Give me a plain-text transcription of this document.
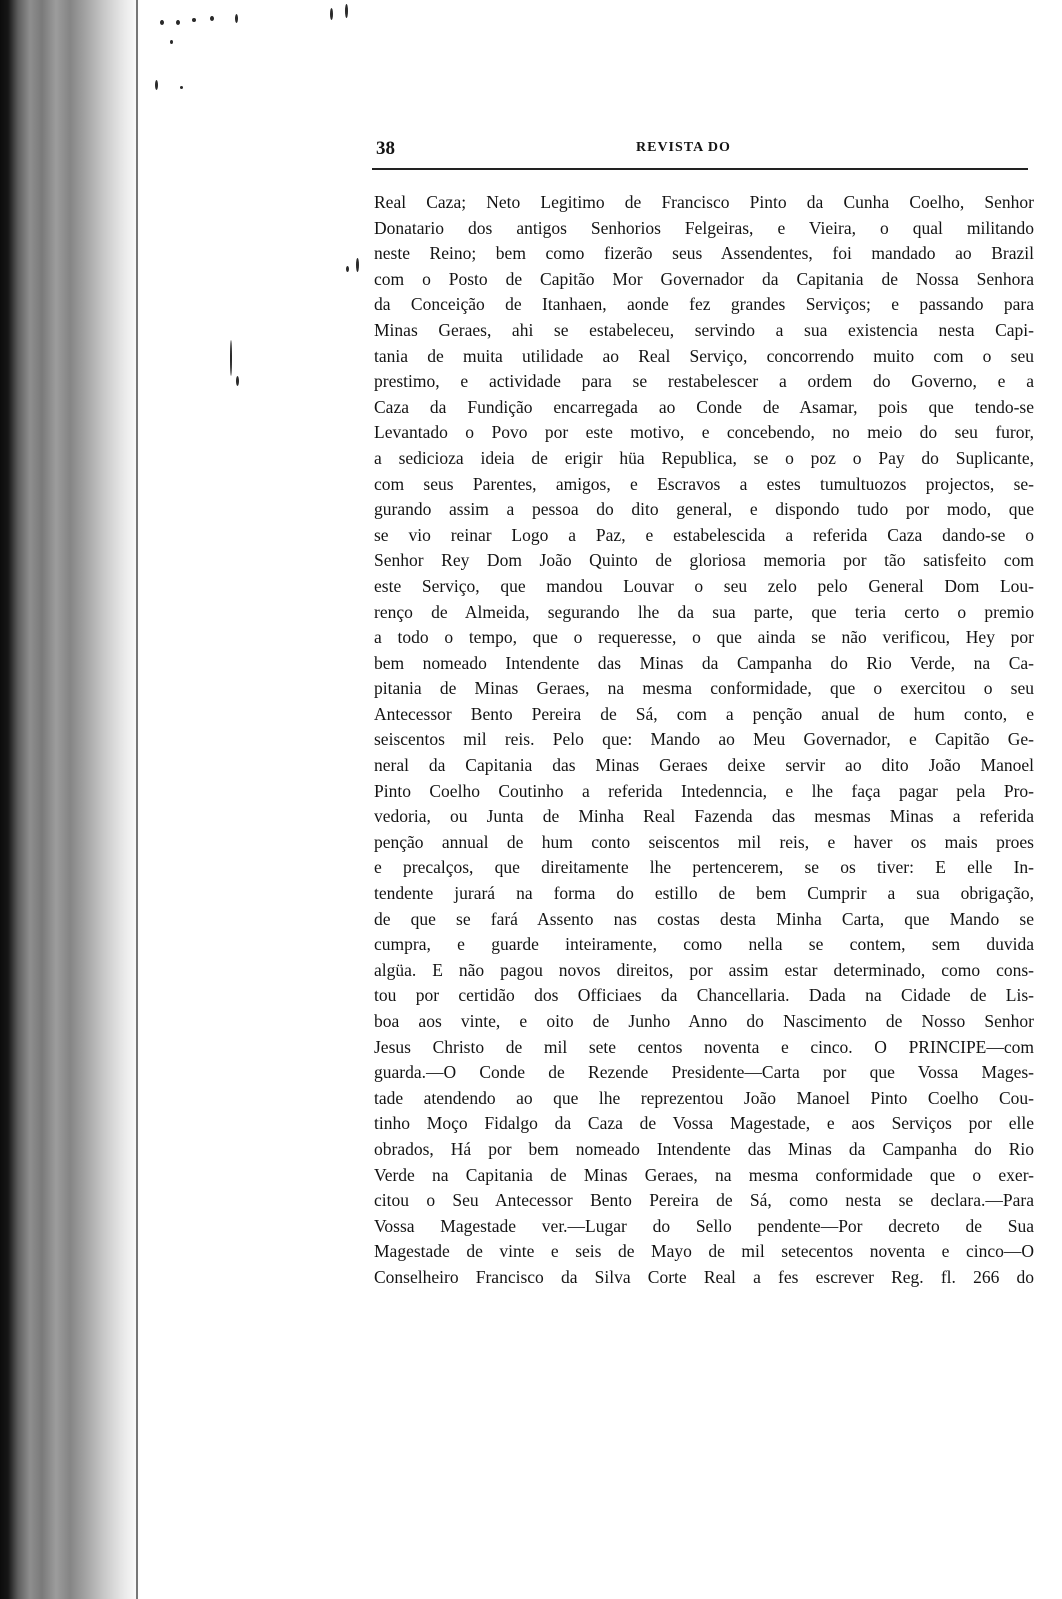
38	REVISTA DO
Real Caza; Neto Legitimo de Francisco Pinto da Cunha Coelho, Senhor
Donatario dos antigos Senhorios Felgeiras, e Vieira, o qual militando
neste Reino; bem como fizerão seus Assendentes, foi mandado ao Brazil
com o Posto de Capitão Mor Governador da Capitania de Nossa Senhora
da Conceição de Itanhaen, aonde fez grandes Serviços; e passando para
Minas Geraes, ahi se estabeleceu, servindo a sua existencia nesta Capi-
tania de muita utilidade ao Real Serviço, concorrendo muito com o seu
prestimo, e actividade para se restabelescer a ordem do Governo, e a
Caza da Fundição encarregada ao Conde de Asamar, pois que tendo-se
Levantado o Povo por este motivo, e concebendo, no meio do seu furor,
a sedicioza ideia de erigir hüa Republica, se o poz o Pay do Suplicante,
com seus Parentes, amigos, e Escravos a estes tumultuozos projectos, se-
gurando assim a pessoa do dito general, e dispondo tudo por modo, que
se vio reinar Logo a Paz, e estabelescida a referida Caza dando-se o
Senhor Rey Dom João Quinto de gloriosa memoria por tão satisfeito com
este Serviço, que mandou Louvar o seu zelo pelo General Dom Lou-
renço de Almeida, segurando lhe da sua parte, que teria certo o premio
a todo o tempo, que o requeresse, o que ainda se não verificou, Hey por
bem nomeado Intendente das Minas da Campanha do Rio Verde, na Ca-
pitania de Minas Geraes, na mesma conformidade, que o exercitou o seu
Antecessor Bento Pereira de Sá, com a penção anual de hum conto, e
seiscentos mil reis. Pelo que: Mando ao Meu Governador, e Capitão Ge-
neral da Capitania das Minas Geraes deixe servir ao dito João Manoel
Pinto Coelho Coutinho a referida Intedenncia, e lhe faça pagar pela Pro-
vedoria, ou Junta de Minha Real Fazenda das mesmas Minas a referida
penção annual de hum conto seiscentos mil reis, e haver os mais proes
e precalços, que direitamente lhe pertencerem, se os tiver: E elle In-
tendente jurará na forma do estillo de bem Cumprir a sua obrigação,
de que se fará Assento nas costas desta Minha Carta, que Mando se
cumpra, e guarde inteiramente, como nella se contem, sem duvida
algüa. E não pagou novos direitos, por assim estar determinado, como cons-
tou por certidão dos Officiaes da Chancellaria. Dada na Cidade de Lis-
boa aos vinte, e oito de Junho Anno do Nascimento de Nosso Senhor
Jesus Christo de mil sete centos noventa e cinco. O PRINCIPE—com
guarda.—O Conde de Rezende Presidente—Carta por que Vossa Mages-
tade atendendo ao que lhe reprezentou João Manoel Pinto Coelho Cou-
tinho Moço Fidalgo da Caza de Vossa Magestade, e aos Serviços por elle
obrados, Há por bem nomeado Intendente das Minas da Campanha do Rio
Verde na Capitania de Minas Geraes, na mesma conformidade que o exer-
citou o Seu Antecessor Bento Pereira de Sá, como nesta se declara.—Para
Vossa Magestade ver.—Lugar do Sello pendente—Por decreto de Sua
Magestade de vinte e seis de Mayo de mil setecentos noventa e cinco—O
Conselheiro Francisco da Silva Corte Real a fes escrever Reg. fl. 266 do
